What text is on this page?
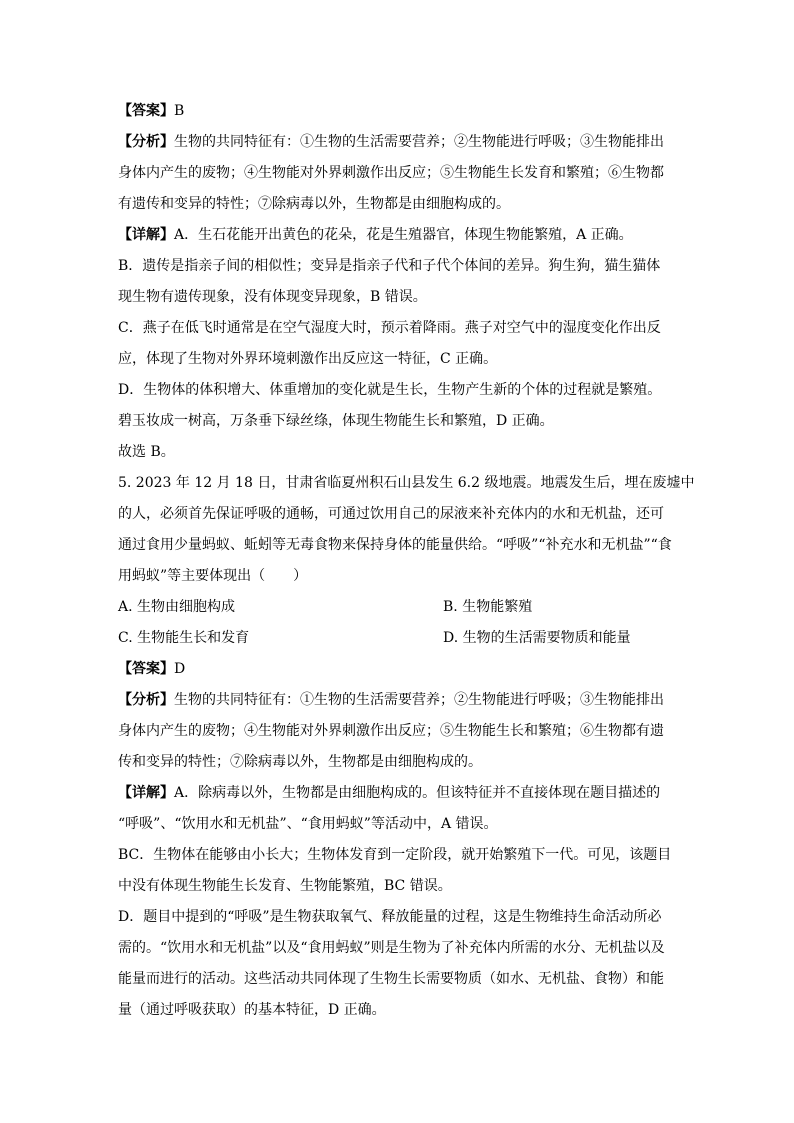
【答案】B
【分析】生物的共同特征有：①生物的生活需要营养；②生物能进行呼吸；③生物能排出
身体内产生的废物；④生物能对外界刺激作出反应；⑤生物能生长发育和繁殖；⑥生物都
有遗传和变异的特性；⑦除病毒以外，生物都是由细胞构成的。
【详解】A．生石花能开出黄色的花朵，花是生殖器官，体现生物能繁殖，A 正确。
B．遗传是指亲子间的相似性；变异是指亲子代和子代个体间的差异。狗生狗，猫生猫体
现生物有遗传现象，没有体现变异现象，B 错误。
C．燕子在低飞时通常是在空气湿度大时，预示着降雨。燕子对空气中的湿度变化作出反
应，体现了生物对外界环境刺激作出反应这一特征，C 正确。
D．生物体的体积增大、体重增加的变化就是生长，生物产生新的个体的过程就是繁殖。
碧玉妆成一树高，万条垂下绿丝绦，体现生物能生长和繁殖，D 正确。
故选 B。
5. 2023 年 12 月 18 日，甘肃省临夏州积石山县发生 6.2 级地震。地震发生后，埋在废墟中
的人，必须首先保证呼吸的通畅，可通过饮用自己的尿液来补充体内的水和无机盐，还可
通过食用少量蚂蚁、蚯蚓等无毒食物来保持身体的能量供给。“呼吸”“补充水和无机盐”“食
用蚂蚁”等主要体现出（　　）
A. 生物由细胞构成	B. 生物能繁殖
C. 生物能生长和发育	D. 生物的生活需要物质和能量
【答案】D
【分析】生物的共同特征有：①生物的生活需要营养；②生物能进行呼吸；③生物能排出
身体内产生的废物；④生物能对外界刺激作出反应；⑤生物能生长和繁殖；⑥生物都有遗
传和变异的特性；⑦除病毒以外，生物都是由细胞构成的。
【详解】A．除病毒以外，生物都是由细胞构成的。但该特征并不直接体现在题目描述的
“呼吸”、“饮用水和无机盐”、“食用蚂蚁”等活动中，A 错误。
BC．生物体在能够由小长大；生物体发育到一定阶段，就开始繁殖下一代。可见，该题目
中没有体现生物能生长发育、生物能繁殖，BC 错误。
D．题目中提到的“呼吸”是生物获取氧气、释放能量的过程，这是生物维持生命活动所必
需的。“饮用水和无机盐”以及“食用蚂蚁”则是生物为了补充体内所需的水分、无机盐以及
能量而进行的活动。这些活动共同体现了生物生长需要物质（如水、无机盐、食物）和能
量（通过呼吸获取）的基本特征，D 正确。
